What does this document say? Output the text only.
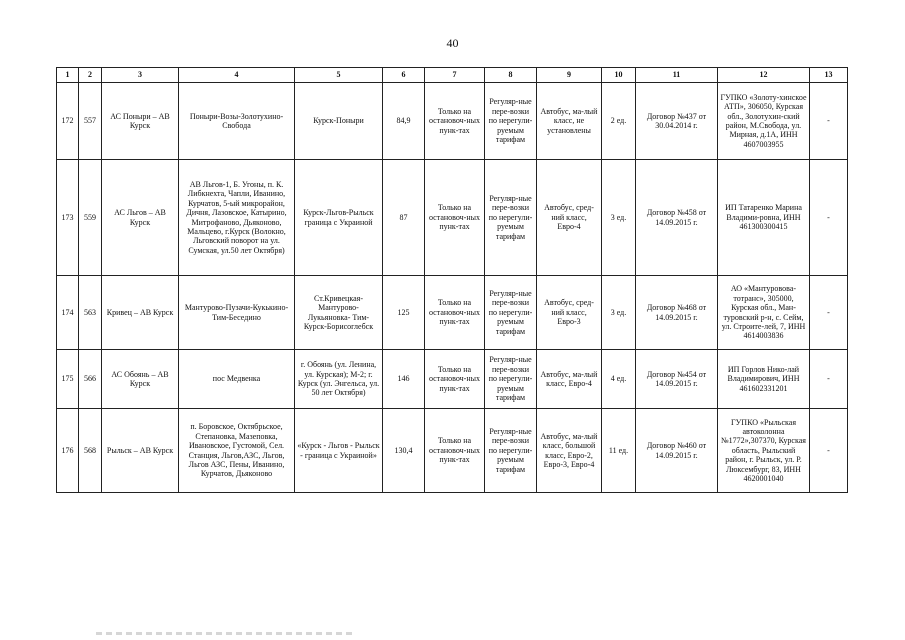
40
1	2	3	4	5	6	7	8	9	10	11	12	13
172	557	АС Поныри – АВ Курск	Поныри-Возы-Золотухино-Свобода	Курск-Поныри	84,9	Только на остановоч-ных пунк-тах	Регуляр-ные пере-возки по нерегули-руемым тарифам	Автобус, ма-лый класс, не установлены	2 ед.	Договор №437 от 30.04.2014 г.	ГУПКО «Золоту-хинское АТП», 306050, Курская обл., Золотухин-ский район, М.Свобода, ул. Мирная, д.1А, ИНН 4607003955	-
173	559	АС Льгов – АВ Курск	АВ Льгов-1, Б. Угоны, п. К. Либкнехта, Чапли, Иванино, Курчатов, 5-ый микрорайон, Дичня, Лазовское, Катырино, Митрофаново, Дьяконово, Мальцево, г.Курск (Волокно, Льговский поворот на ул. Сумская, ул.50 лет Октября)	Курск-Льгов-Рыльск граница с Украиной	87	Только на остановоч-ных пунк-тах	Регуляр-ные пере-возки по нерегули-руемым тарифам	Автобус, сред-ний класс, Евро-4	3 ед.	Договор №458 от 14.09.2015 г.	ИП Татаренко Марина Владими-ровна, ИНН 461300300415	-
174	563	Кривец – АВ Курск	Мантурово-Пузачи-Кукькино-Тим-Беседино	Ст.Кривецкая-Мантурово-Лукьяновка- Тим-Курск-Борисоглебск	125	Только на остановоч-ных пунк-тах	Регуляр-ные пере-возки по нерегули-руемым тарифам	Автобус, сред-ний класс, Евро-3	3 ед.	Договор №468 от 14.09.2015 г.	АО «Мантурововa-тотранс», 305000, Курская обл., Ман-туровский р-н, с. Сейм, ул. Строите-лей, 7, ИНН 4614003836	-
175	566	АС Обоянь – АВ Курск	пос Медвенка	г. Обоянь (ул. Ленина, ул. Курская); М-2; г. Курск (ул. Энгельса, ул. 50 лет Октября)	146	Только на остановоч-ных пунк-тах	Регуляр-ные пере-возки по нерегули-руемым тарифам	Автобус, ма-лый класс, Евро-4	4 ед.	Договор №454 от 14.09.2015 г.	ИП Горлов Нико-лай Владимирович, ИНН 461602331201	-
176	568	Рыльск – АВ Курск	п. Боровское, Октябрьское, Степановка, Мазеповка, Ивановское, Густомой, Сел. Станция, Льгов,АЗС, Льгов, Льгов АЗС, Пены, Иванино, Курчатов, Дьяконово	«Курск - Льгов - Рыльск - граница с Украиной»	130,4	Только на остановоч-ных пунк-тах	Регуляр-ные пере-возки по нерегули-руемым тарифам	Автобус, ма-лый класс, большой класс, Евро-2, Евро-3, Евро-4	11 ед.	Договор №460 от 14.09.2015 г.	ГУПКО «Рыльская автоколонна №1772»,307370, Курская область, Рыльский район, г. Рыльск, ул. Р. Люксембург, 83, ИНН 4620001040	-
